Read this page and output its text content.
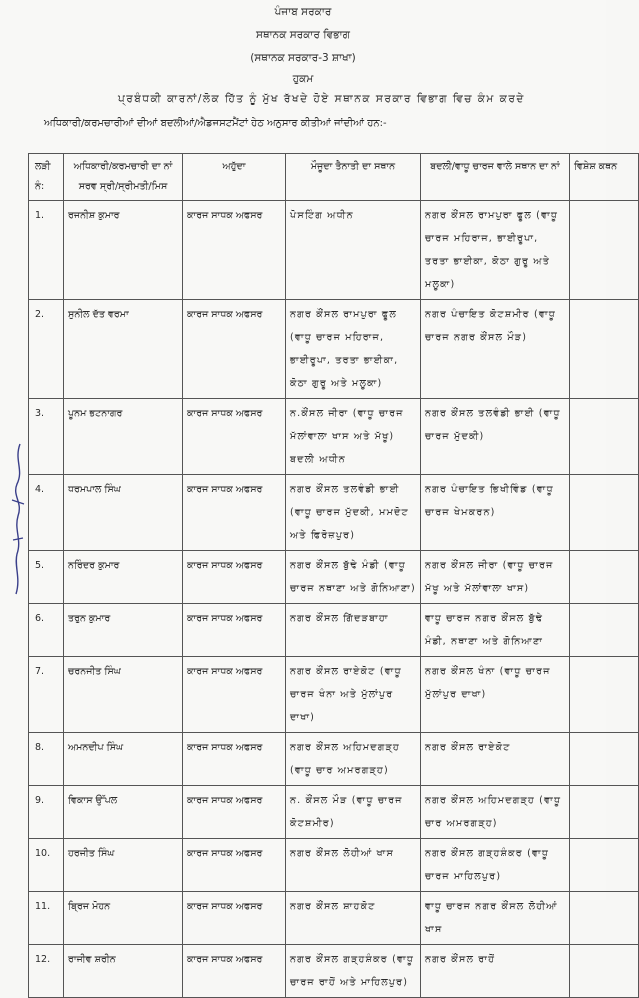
ਪੰਜਾਬ ਸਰਕਾਰ
ਸਥਾਨਕ ਸਰਕਾਰ ਵਿਭਾਗ
(ਸਥਾਨਕ ਸਰਕਾਰ-3 ਸ਼ਾਖਾ)
ਹੁਕਮ
ਪ੍ਰਬੰਧਕੀ ਕਾਰਨਾਂ/ਲੋਕ ਹਿੱਤ ਨੂੰ ਮੁੱਖ ਰੱਖਦੇ ਹੋਏ ਸਥਾਨਕ ਸਰਕਾਰ ਵਿਭਾਗ ਵਿਚ ਕੰਮ ਕਰਦੇ
ਅਧਿਕਾਰੀ/ਕਰਮਚਾਰੀਆਂ ਦੀਆਂ ਬਦਲੀਆਂ/ਐਡਜਸਟਮੈਂਟਾਂ ਹੇਠ ਅਨੁਸਾਰ ਕੀਤੀਆਂ ਜਾਂਦੀਆਂ ਹਨ:-
ਲੜੀ ਨੰ:	ਅਧਿਕਾਰੀ/ਕਰਮਚਾਰੀ ਦਾ ਨਾਂ ਸਰਵ ਸ੍ਰੀ/ਸ੍ਰੀਮਤੀ/ਮਿਸ	ਅਹੁੱਦਾ	ਮੌਜੂਦਾ ਤੈਨਾਤੀ ਦਾ ਸਥਾਨ	ਬਦਲੀ/ਵਾਧੂ ਚਾਰਜ ਵਾਲੇ ਸਥਾਨ ਦਾ ਨਾਂ	ਵਿਸ਼ੇਸ਼ ਕਥਨ
1.	ਰਜਨੀਸ਼ ਕੁਮਾਰ	ਕਾਰਜ ਸਾਧਕ ਅਫਸਰ	ਪੋਸਟਿੰਗ ਅਧੀਨ	ਨਗਰ ਕੌਂਸਲ ਰਾਮਪੁਰਾ ਫੂਲ (ਵਾਧੂ ਚਾਰਜ ਮਹਿਰਾਜ, ਭਾਈਰੂਪਾ, ਤਰਤਾ ਭਾਈਕਾ, ਕੋਠਾ ਗੁਰੂ ਅਤੇ ਮਲੂਕਾ)	
2.	ਸੁਨੀਲ ਦੱਤ ਵਰਮਾ	ਕਾਰਜ ਸਾਧਕ ਅਫਸਰ	ਨਗਰ ਕੌਂਸਲ ਰਾਮਪੁਰਾ ਫੂਲ (ਵਾਧੂ ਚਾਰਜ ਮਹਿਰਾਜ, ਭਾਈਰੂਪਾ, ਤਰਤਾ ਭਾਈਕਾ, ਕੋਠਾ ਗੁਰੂ ਅਤੇ ਮਲੂਕਾ)	ਨਗਰ ਪੰਚਾਇਤ ਕੋਟਸ਼ਮੀਰ (ਵਾਧੂ ਚਾਰਜ ਨਗਰ ਕੌਂਸਲ ਮੌੜ)	
3.	ਪੂਨਮ ਭਟਨਾਗਰ	ਕਾਰਜ ਸਾਧਕ ਅਫਸਰ	ਨ.ਕੌਂਸਲ ਜੀਰਾ (ਵਾਧੂ ਚਾਰਜ ਮੱਲਾਂਵਾਲਾ ਖਾਸ ਅਤੇ ਮੱਖੂ) ਬਦਲੀ ਅਧੀਨ	ਨਗਰ ਕੌਂਸਲ ਤਲਵੰਡੀ ਭਾਈ (ਵਾਧੂ ਚਾਰਜ ਮੁੱਦਕੀ)	
4.	ਧਰਮਪਾਲ ਸਿੰਘ	ਕਾਰਜ ਸਾਧਕ ਅਫਸਰ	ਨਗਰ ਕੌਂਸਲ ਤਲਵੰਡੀ ਭਾਈ (ਵਾਧੂ ਚਾਰਜ ਮੁੱਦਕੀ, ਮਮਦੋਟ ਅਤੇ ਫਿਰੋਜ਼ਪੁਰ)	ਨਗਰ ਪੰਚਾਇਤ ਭਿਖੀਵਿੰਡ (ਵਾਧੂ ਚਾਰਜ ਖੇਮਕਰਨ)	
5.	ਨਰਿੰਦਰ ਕੁਮਾਰ	ਕਾਰਜ ਸਾਧਕ ਅਫਸਰ	ਨਗਰ ਕੌਂਸਲ ਬੁੱਢੇ ਮੰਡੀ (ਵਾਧੂ ਚਾਰਜ ਨਥਾਣਾ ਅਤੇ ਗੋਨਿਆਣਾ)	ਨਗਰ ਕੌਂਸਲ ਜੀਰਾ (ਵਾਧੂ ਚਾਰਜ ਮੱਖੂ ਅਤੇ ਮੱਲਾਂਵਾਲਾ ਖਾਸ)	
6.	ਤਰੁਨ ਕੁਮਾਰ	ਕਾਰਜ ਸਾਧਕ ਅਫਸਰ	ਨਗਰ ਕੌਂਸਲ ਗਿੱਦੜਬਾਹਾ	ਵਾਧੂ ਚਾਰਜ ਨਗਰ ਕੌਂਸਲ ਬੁੱਢੇ ਮੰਡੀ, ਨਥਾਣਾ ਅਤੇ ਗੋਨਿਆਣਾ	
7.	ਚਰਨਜੀਤ ਸਿੰਘ	ਕਾਰਜ ਸਾਧਕ ਅਫਸਰ	ਨਗਰ ਕੌਂਸਲ ਰਾਏਕੋਟ (ਵਾਧੂ ਚਾਰਜ ਖੰਨਾ ਅਤੇ ਮੁੱਲਾਂਪੁਰ ਦਾਖਾ)	ਨਗਰ ਕੌਂਸਲ ਖੰਨਾ (ਵਾਧੂ ਚਾਰਜ ਮੁੱਲਾਂਪੁਰ ਦਾਖਾ)	
8.	ਅਮਨਦੀਪ ਸਿੰਘ	ਕਾਰਜ ਸਾਧਕ ਅਫਸਰ	ਨਗਰ ਕੌਂਸਲ ਅਹਿਮਦਗੜ੍ਹ (ਵਾਧੂ ਚਾਰ ਅਮਰਗੜ੍ਹ)	ਨਗਰ ਕੌਂਸਲ ਰਾਏਕੋਟ	
9.	ਵਿਕਾਸ ਉੱਪਲ	ਕਾਰਜ ਸਾਧਕ ਅਫਸਰ	ਨ. ਕੌਂਸਲ ਮੌੜ (ਵਾਧੂ ਚਾਰਜ ਕੋਟਸ਼ਮੀਰ)	ਨਗਰ ਕੌਂਸਲ ਅਹਿਮਦਗੜ੍ਹ (ਵਾਧੂ ਚਾਰ ਅਮਰਗੜ੍ਹ)	
10.	ਹਰਜੀਤ ਸਿੰਘ	ਕਾਰਜ ਸਾਧਕ ਅਫਸਰ	ਨਗਰ ਕੌਂਸਲ ਲੋਹੀਆਂ ਖਾਸ	ਨਗਰ ਕੌਂਸਲ ਗੜ੍ਹਸ਼ੰਕਰ (ਵਾਧੂ ਚਾਰਜ ਮਾਹਿਲਪੁਰ)	
11.	ਬ੍ਰਿਜ ਮੋਹਨ	ਕਾਰਜ ਸਾਧਕ ਅਫਸਰ	ਨਗਰ ਕੌਂਸਲ ਸ਼ਾਹਕੋਟ	ਵਾਧੂ ਚਾਰਜ ਨਗਰ ਕੌਂਸਲ ਲੋਹੀਆਂ ਖਾਸ	
12.	ਰਾਜੀਵ ਸ਼ਰੀਨ	ਕਾਰਜ ਸਾਧਕ ਅਫਸਰ	ਨਗਰ ਕੌਂਸਲ ਗੜ੍ਹਸ਼ੰਕਰ (ਵਾਧੂ ਚਾਰਜ ਰਾਹੋਂ ਅਤੇ ਮਾਹਿਲਪੁਰ)	ਨਗਰ ਕੌਂਸਲ ਰਾਹੋਂ	
